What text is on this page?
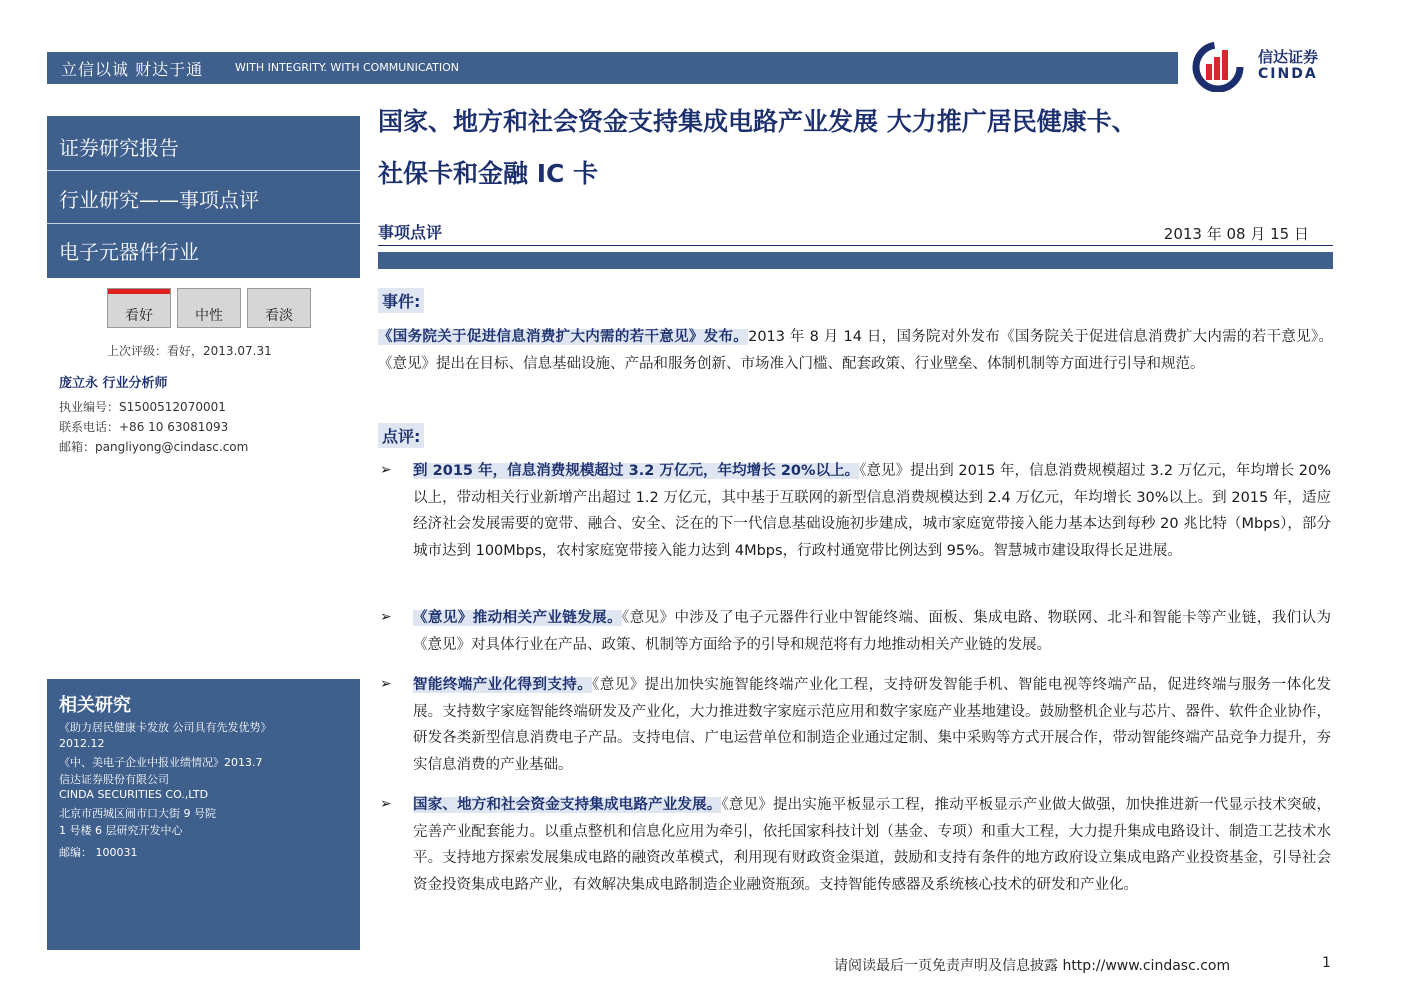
立信以诚 财达于通	WITH INTEGRITY. WITH COMMUNICATION
信达证券
CINDA
证券研究报告
行业研究——事项点评
电子元器件行业
看好	中性	看淡
上次评级：看好，2013.07.31
庞立永 行业分析师
执业编号：S1500512070001
联系电话：+86 10 63081093
邮箱：pangliyong@cindasc.com
相关研究
《助力居民健康卡发放 公司具有先发优势》
2012.12
《中、美电子企业中报业绩情况》2013.7
信达证券股份有限公司
CINDA SECURITIES CO.,LTD
北京市西城区闹市口大街 9 号院
1 号楼 6 层研究开发中心
邮编： 100031
国家、地方和社会资金支持集成电路产业发展 大力推广居民健康卡、
社保卡和金融 IC 卡
事项点评	2013 年 08 月 15 日
事件:
《国务院关于促进信息消费扩大内需的若干意见》发布。2013 年 8 月 14 日，国务院对外发布《国务院关于促进信息消费扩大内需的若干意见》。《意见》提出在目标、信息基础设施、产品和服务创新、市场准入门槛、配套政策、行业壁垒、体制机制等方面进行引导和规范。
点评:
➢ 到 2015 年，信息消费规模超过 3.2 万亿元，年均增长 20%以上。《意见》提出到 2015 年，信息消费规模超过 3.2 万亿元，年均增长 20%以上，带动相关行业新增产出超过 1.2 万亿元，其中基于互联网的新型信息消费规模达到 2.4 万亿元，年均增长 30%以上。到 2015 年，适应经济社会发展需要的宽带、融合、安全、泛在的下一代信息基础设施初步建成，城市家庭宽带接入能力基本达到每秒 20 兆比特（Mbps），部分城市达到 100Mbps，农村家庭宽带接入能力达到 4Mbps，行政村通宽带比例达到 95%。智慧城市建设取得长足进展。
➢ 《意见》推动相关产业链发展。《意见》中涉及了电子元器件行业中智能终端、面板、集成电路、物联网、北斗和智能卡等产业链，我们认为《意见》对具体行业在产品、政策、机制等方面给予的引导和规范将有力地推动相关产业链的发展。
➢ 智能终端产业化得到支持。《意见》提出加快实施智能终端产业化工程，支持研发智能手机、智能电视等终端产品，促进终端与服务一体化发展。支持数字家庭智能终端研发及产业化，大力推进数字家庭示范应用和数字家庭产业基地建设。鼓励整机企业与芯片、器件、软件企业协作，研发各类新型信息消费电子产品。支持电信、广电运营单位和制造企业通过定制、集中采购等方式开展合作，带动智能终端产品竞争力提升，夯实信息消费的产业基础。
➢ 国家、地方和社会资金支持集成电路产业发展。《意见》提出实施平板显示工程，推动平板显示产业做大做强，加快推进新一代显示技术突破，完善产业配套能力。以重点整机和信息化应用为牵引，依托国家科技计划（基金、专项）和重大工程，大力提升集成电路设计、制造工艺技术水平。支持地方探索发展集成电路的融资改革模式，利用现有财政资金渠道，鼓励和支持有条件的地方政府设立集成电路产业投资基金，引导社会资金投资集成电路产业，有效解决集成电路制造企业融资瓶颈。支持智能传感器及系统核心技术的研发和产业化。
请阅读最后一页免责声明及信息披露 http://www.cindasc.com	1
